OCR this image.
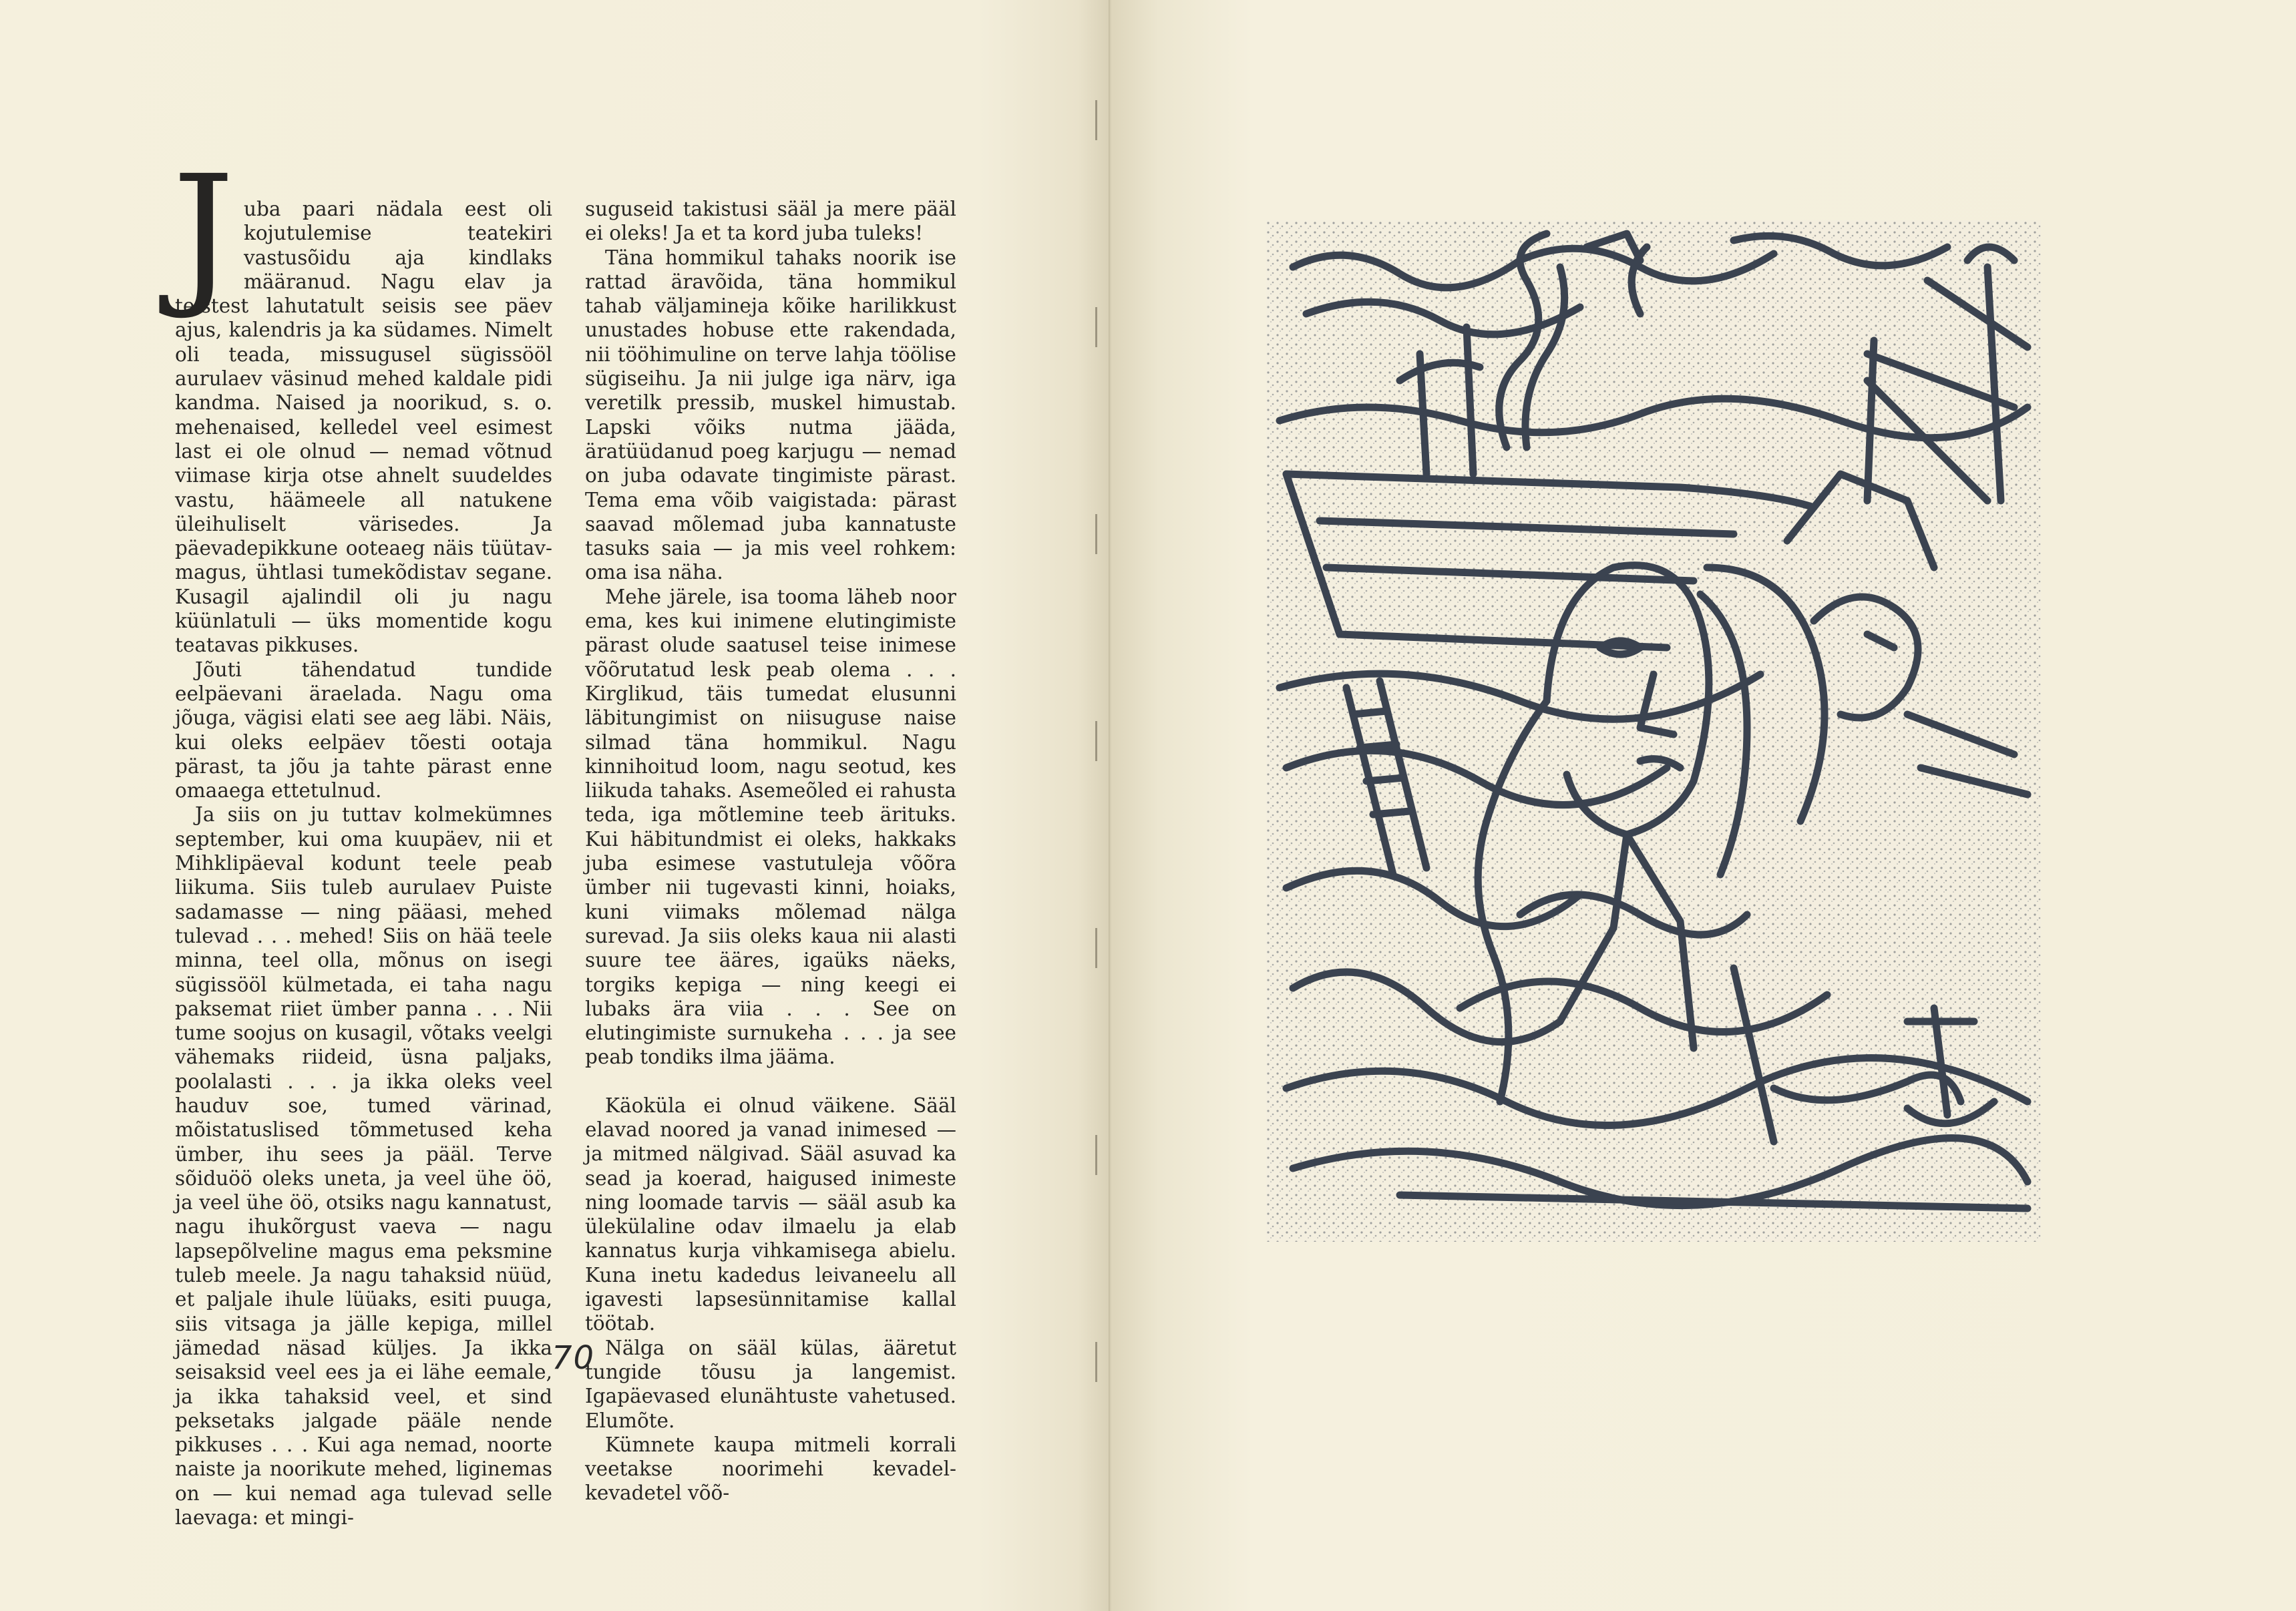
J uba paari nädala eest oli kojutulemise teatekiri vastusõidu aja kindlaks määranud. Nagu elav ja teistest lahutatult seisis see päev ajus, kalendris ja ka südames. Nimelt oli teada, missugusel sügissööl aurulaev väsinud mehed kaldale pidi kandma. Naised ja noorikud, s. o. mehenaised, kelledel veel esimest last ei ole olnud — nemad võtnud viimase kirja otse ahnelt suudeldes vastu, häämeele all natukene üleihuliselt värisedes. Ja päevadepikkune ooteaeg näis tüütav-magus, ühtlasi tumekõdistav segane. Kusagil ajalindil oli ju nagu küünlatuli — üks momentide kogu teatavas pikkuses.

Jõuti tähendatud tundide eelpäevani äraelada. Nagu oma jõuga, vägisi elati see aeg läbi. Näis, kui oleks eelpäev tõesti ootaja pärast, ta jõu ja tahte pärast enne omaaega ettetulnud.

Ja siis on ju tuttav kolmekümnes september, kui oma kuupäev, nii et Mihklipäeval kodunt teele peab liikuma. Siis tuleb aurulaev Puiste sadamasse — ning pääasi, mehed tulevad . . . mehed! Siis on hää teele minna, teel olla, mõnus on isegi sügissööl külmetada, ei taha nagu paksemat riiet ümber panna . . . Nii tume soojus on kusagil, võtaks veelgi vähemaks riideid, üsna paljaks, poolalasti . . . ja ikka oleks veel hauduv soe, tumed värinad, mõistatuslised tõmmetused keha ümber, ihu sees ja pääl. Terve sõiduöö oleks uneta, ja veel ühe öö, ja veel ühe öö, otsiks nagu kannatust, nagu ihukõrgust vaeva — nagu lapsepõlveline magus ema peksmine tuleb meele. Ja nagu tahaksid nüüd, et paljale ihule lüüaks, esiti puuga, siis vitsaga ja jälle kepiga, millel jämedad näsad küljes. Ja ikka seisaksid veel ees ja ei lähe eemale, ja ikka tahaksid veel, et sind peksetaks jalgade pääle nende pikkuses . . . Kui aga nemad, noorte naiste ja noorikute mehed, liginemas on — kui nemad aga tulevad selle laevaga: et mingi-

suguseid takistusi sääl ja mere pääl ei oleks! Ja et ta kord juba tuleks!

Täna hommikul tahaks noorik ise rattad äravõida, täna hommikul tahab väljamineja kõike harilikkust unustades hobuse ette rakendada, nii tööhimuline on terve lahja töölise sügiseihu. Ja nii julge iga närv, iga veretilk pressib, muskel himustab. Lapski võiks nutma jääda, äratüüdanud poeg karjugu — nemad on juba odavate tingimiste pärast. Tema ema võib vaigistada: pärast saavad mõlemad juba kannatuste tasuks saia — ja mis veel rohkem: oma isa näha.

Mehe järele, isa tooma läheb noor ema, kes kui inimene elutingimiste pärast olude saatusel teise inimese võõrutatud lesk peab olema . . . Kirglikud, täis tumedat elusunni läbitungimist on niisuguse naise silmad täna hommikul. Nagu kinnihoitud loom, nagu seotud, kes liikuda tahaks. Asemeõled ei rahusta teda, iga mõtlemine teeb ärituks. Kui häbitundmist ei oleks, hakkaks juba esimese vastutuleja võõra ümber nii tugevasti kinni, hoiaks, kuni viimaks mõlemad nälga surevad. Ja siis oleks kaua nii alasti suure tee ääres, igaüks näeks, torgiks kepiga — ning keegi ei lubaks ära viia . . . See on elutingimiste surnukeha . . . ja see peab tondiks ilma jääma.

Käoküla ei olnud väikene. Sääl elavad noored ja vanad inimesed — ja mitmed nälgivad. Sääl asuvad ka sead ja koerad, haigused inimeste ning loomade tarvis — sääl asub ka ülekülaline odav ilmaelu ja elab kannatus kurja vihkamisega abielu. Kuna inetu kadedus leivaneelu all igavesti lapsesünnitamise kallal töötab.

Nälga on sääl külas, ääretut tungide tõusu ja langemist. Igapäevased elunähtuste vahetused. Elumõte.

Kümnete kaupa mitmeli korrali veetakse noorimehi kevadel-kevadetel võõ-

70
